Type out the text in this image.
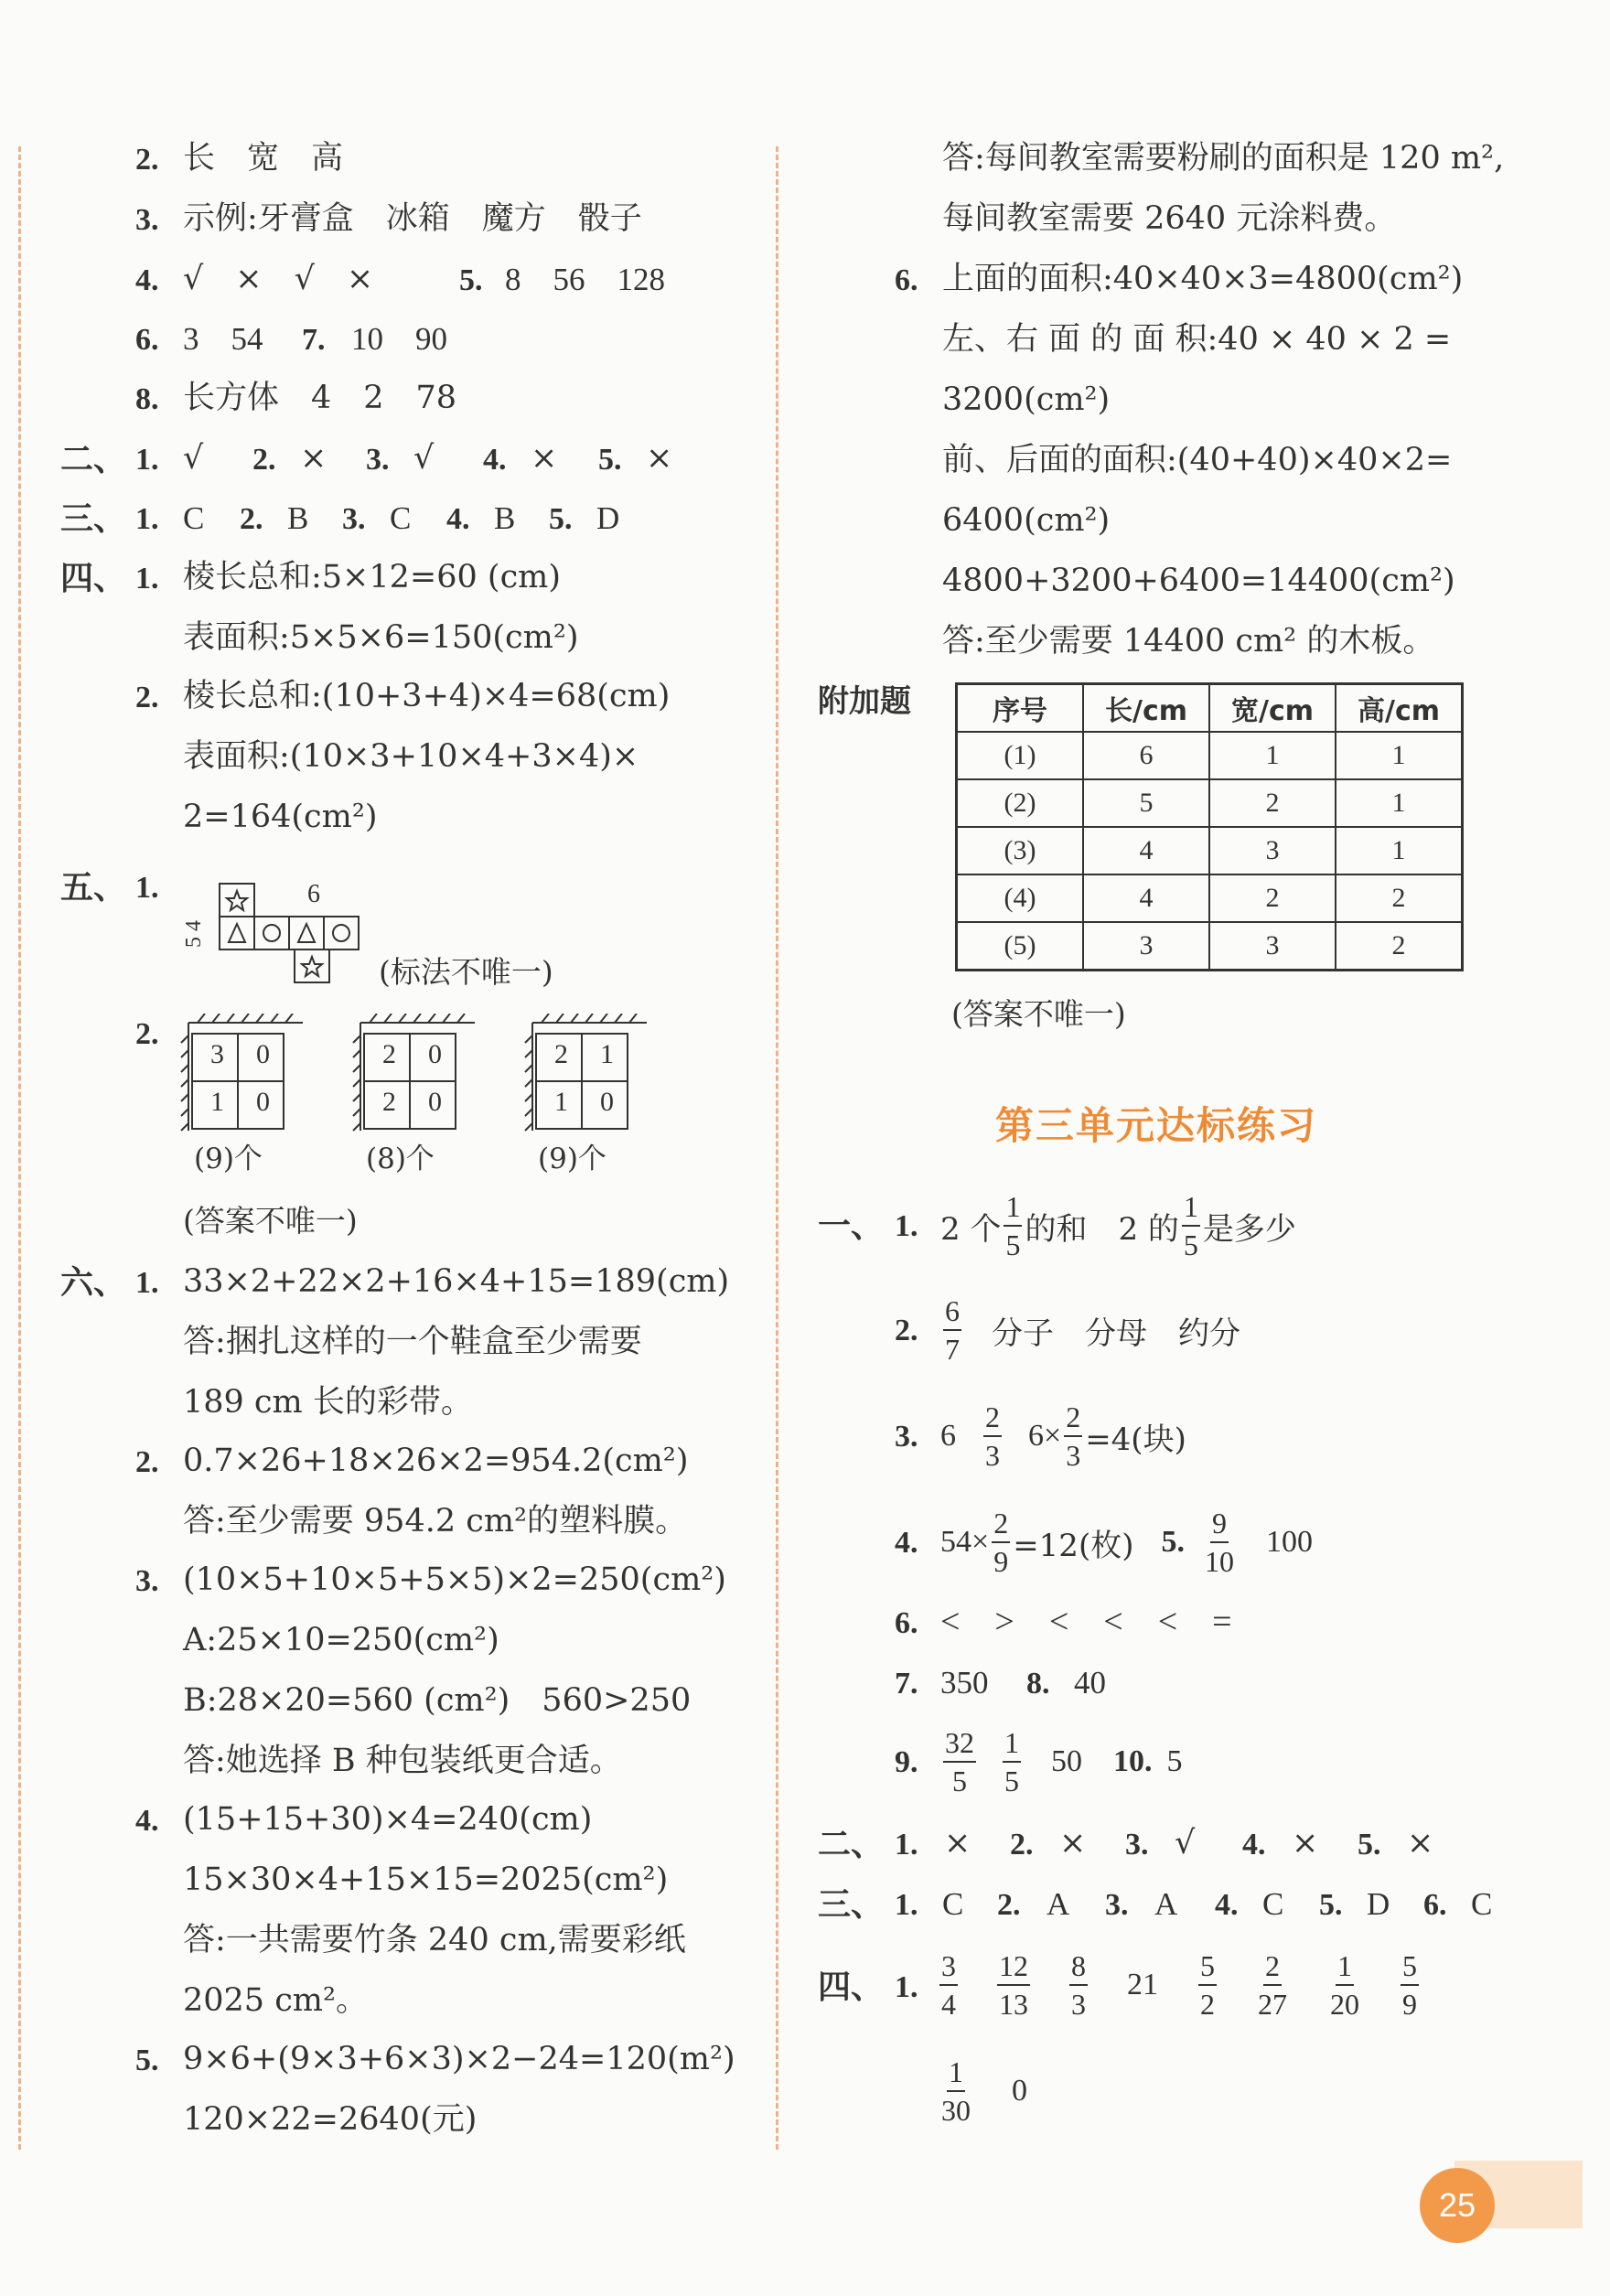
2. 长　宽　高
3. 示例:牙膏盒　冰箱　魔方　骰子
4. √　×　√　×	5. 8　56　128
6. 3　54 7. 10　90
8. 长方体　4　2　78
二、 1. √ 2. × 3. √ 4. × 5. ×
三、 1. C 2. B 3. C 4. B 5. D
四、 1. 棱长总和:5×12=60 (cm)
表面积:5×5×6=150(cm²)
2. 棱长总和:(10+3+4)×4=68(cm)
表面积:(10×3+10×4+3×4)×
2=164(cm²)
五、 1.	6
5 4
(标法不唯一)
2.
3 0
1 0
(9)个
2 0
2 0
(8)个
2 1
1 0
(9)个
(答案不唯一)
六、 1. 33×2+22×2+16×4+15=189(cm)
答:捆扎这样的一个鞋盒至少需要
189 cm 长的彩带。
2. 0.7×26+18×26×2=954.2(cm²)
答:至少需要 954.2 cm²的塑料膜。
3. (10×5+10×5+5×5)×2=250(cm²)
A:25×10=250(cm²)
B:28×20=560 (cm²)　560>250
答:她选择 B 种包装纸更合适。
4. (15+15+30)×4=240(cm)
15×30×4+15×15=2025(cm²)
答:一共需要竹条 240 cm,需要彩纸
2025 cm²。
5. 9×6+(9×3+6×3)×2−24=120(m²)
120×22=2640(元)
答:每间教室需要粉刷的面积是 120 m²,
每间教室需要 2640 元涂料费。
6. 上面的面积:40×40×3=4800(cm²)
左、右 面 的 面 积:40 × 40 × 2 =
3200(cm²)
前、后面的面积:(40+40)×40×2=
6400(cm²)
4800+3200+6400=14400(cm²)
答:至少需要 14400 cm² 的木板。
附加题	序号	长/cm	宽/cm	高/cm
(1)	6	1	1
(2)	5	2	1
(3)	4	3	1
(4)	4	2	2
(5)	3	3	2
(答案不唯一)
第三单元达标练习
一、 1. 2 个 $\frac{1}{5}$ 的和　2 的 $\frac{1}{5}$ 是多少
2. $\frac{6}{7}$ 分子　分母　约分
3. $6 \frac{2}{3} 6\times \frac{2}{3} =4$(块)
4. $54\times \frac{2}{9} =12$(枚) 5. $\frac{9}{10} 100$
6. <　>　<　<　<　=
7. 350 8. 40
9. $\frac{32}{5} \frac{1}{5} 50$ 10. 5
二、 1. × 2. × 3. √ 4. × 5. ×
三、 1. C 2. A 3. A 4. C 5. D 6. C
四、 1. $\frac{3}{4} \frac{12}{13} \frac{8}{3} 21 \frac{5}{2} \frac{2}{27} \frac{1}{20} \frac{5}{9}$
$\frac{1}{30} 0$
25
